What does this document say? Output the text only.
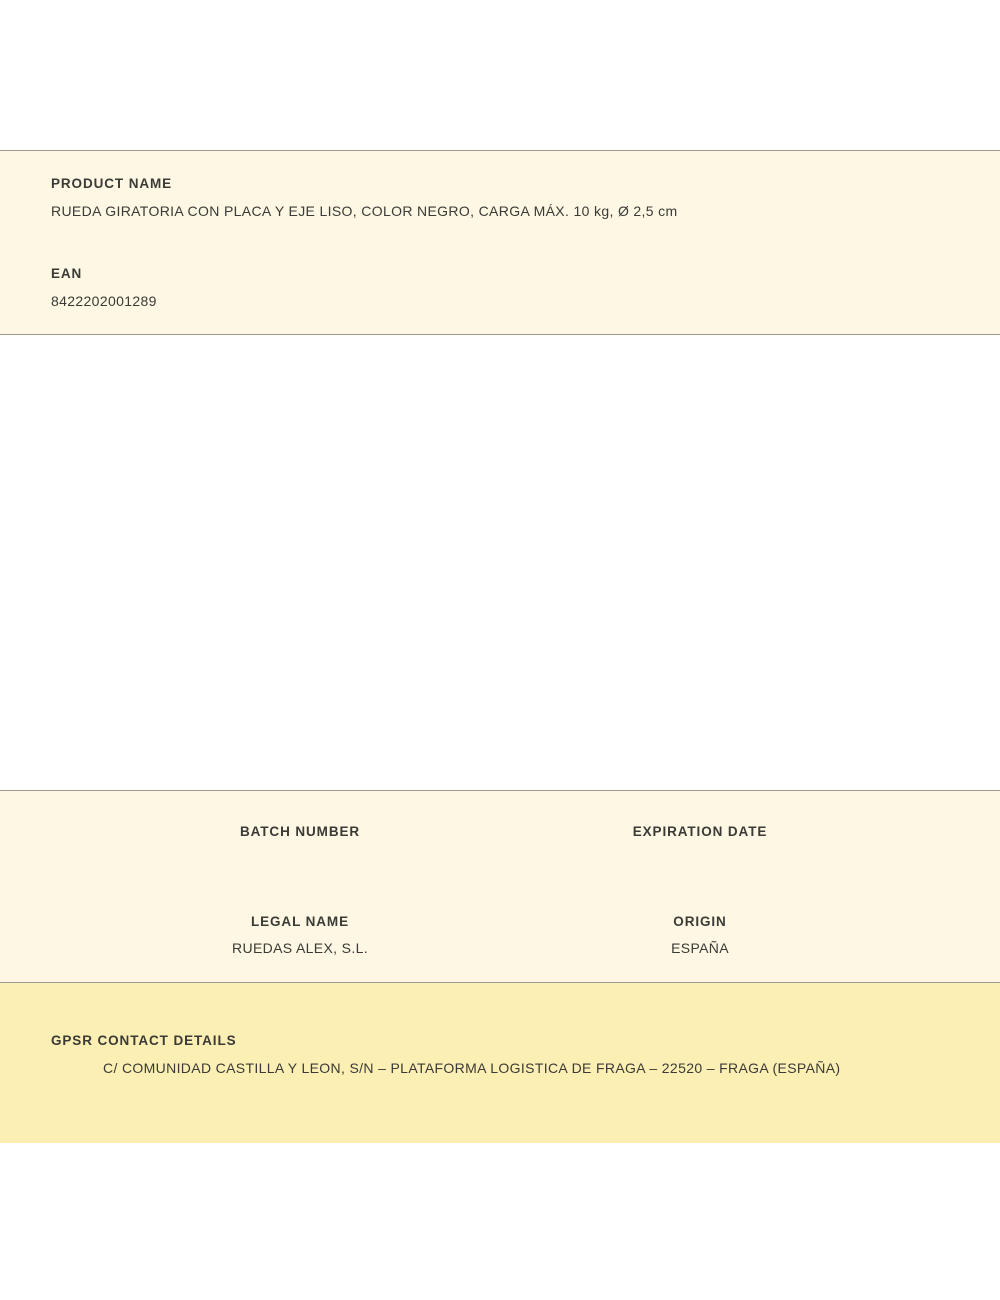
PRODUCT NAME
RUEDA GIRATORIA CON PLACA Y EJE LISO, COLOR NEGRO, CARGA MÁX. 10 kg, Ø 2,5 cm
EAN
8422202001289
BATCH NUMBER	EXPIRATION DATE
LEGAL NAME
RUEDAS ALEX, S.L.
ORIGIN
ESPAÑA
GPSR CONTACT DETAILS
C/ COMUNIDAD CASTILLA Y LEON, S/N – PLATAFORMA LOGISTICA DE FRAGA – 22520 – FRAGA (ESPAÑA)
